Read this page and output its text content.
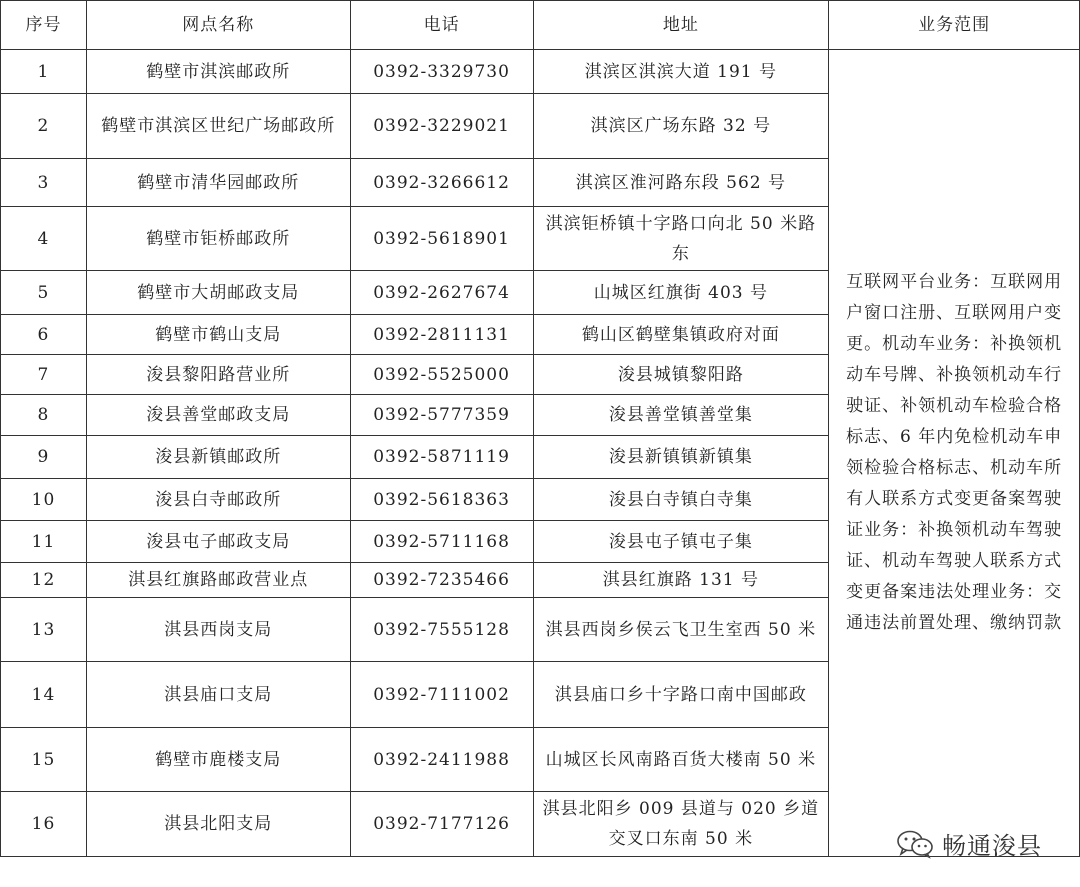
序号	网点名称	电话	地址	业务范围
1	鹤壁市淇滨邮政所	0392-3329730	淇滨区淇滨大道 191 号	互联网平台业务：互联网用户窗口注册、互联网用户变更。机动车业务：补换领机动车号牌、补换领机动车行驶证、补领机动车检验合格标志、6 年内免检机动车申领检验合格标志、机动车所有人联系方式变更备案驾驶证业务：补换领机动车驾驶证、机动车驾驶人联系方式变更备案违法处理业务：交通违法前置处理、缴纳罚款
2	鹤壁市淇滨区世纪广场邮政所	0392-3229021	淇滨区广场东路 32 号	
3	鹤壁市清华园邮政所	0392-3266612	淇滨区淮河路东段 562 号	
4	鹤壁市钜桥邮政所	0392-5618901	淇滨钜桥镇十字路口向北 50 米路东	
5	鹤壁市大胡邮政支局	0392-2627674	山城区红旗街 403 号	
6	鹤壁市鹤山支局	0392-2811131	鹤山区鹤壁集镇政府对面	
7	浚县黎阳路营业所	0392-5525000	浚县城镇黎阳路	
8	浚县善堂邮政支局	0392-5777359	浚县善堂镇善堂集	
9	浚县新镇邮政所	0392-5871119	浚县新镇镇新镇集	
10	浚县白寺邮政所	0392-5618363	浚县白寺镇白寺集	
11	浚县屯子邮政支局	0392-5711168	浚县屯子镇屯子集	
12	淇县红旗路邮政营业点	0392-7235466	淇县红旗路 131 号	
13	淇县西岗支局	0392-7555128	淇县西岗乡侯云飞卫生室西 50 米	
14	淇县庙口支局	0392-7111002	淇县庙口乡十字路口南中国邮政	
15	鹤壁市鹿楼支局	0392-2411988	山城区长风南路百货大楼南 50 米	
16	淇县北阳支局	0392-7177126	淇县北阳乡 009 县道与 020 乡道交叉口东南 50 米		畅通浚县
